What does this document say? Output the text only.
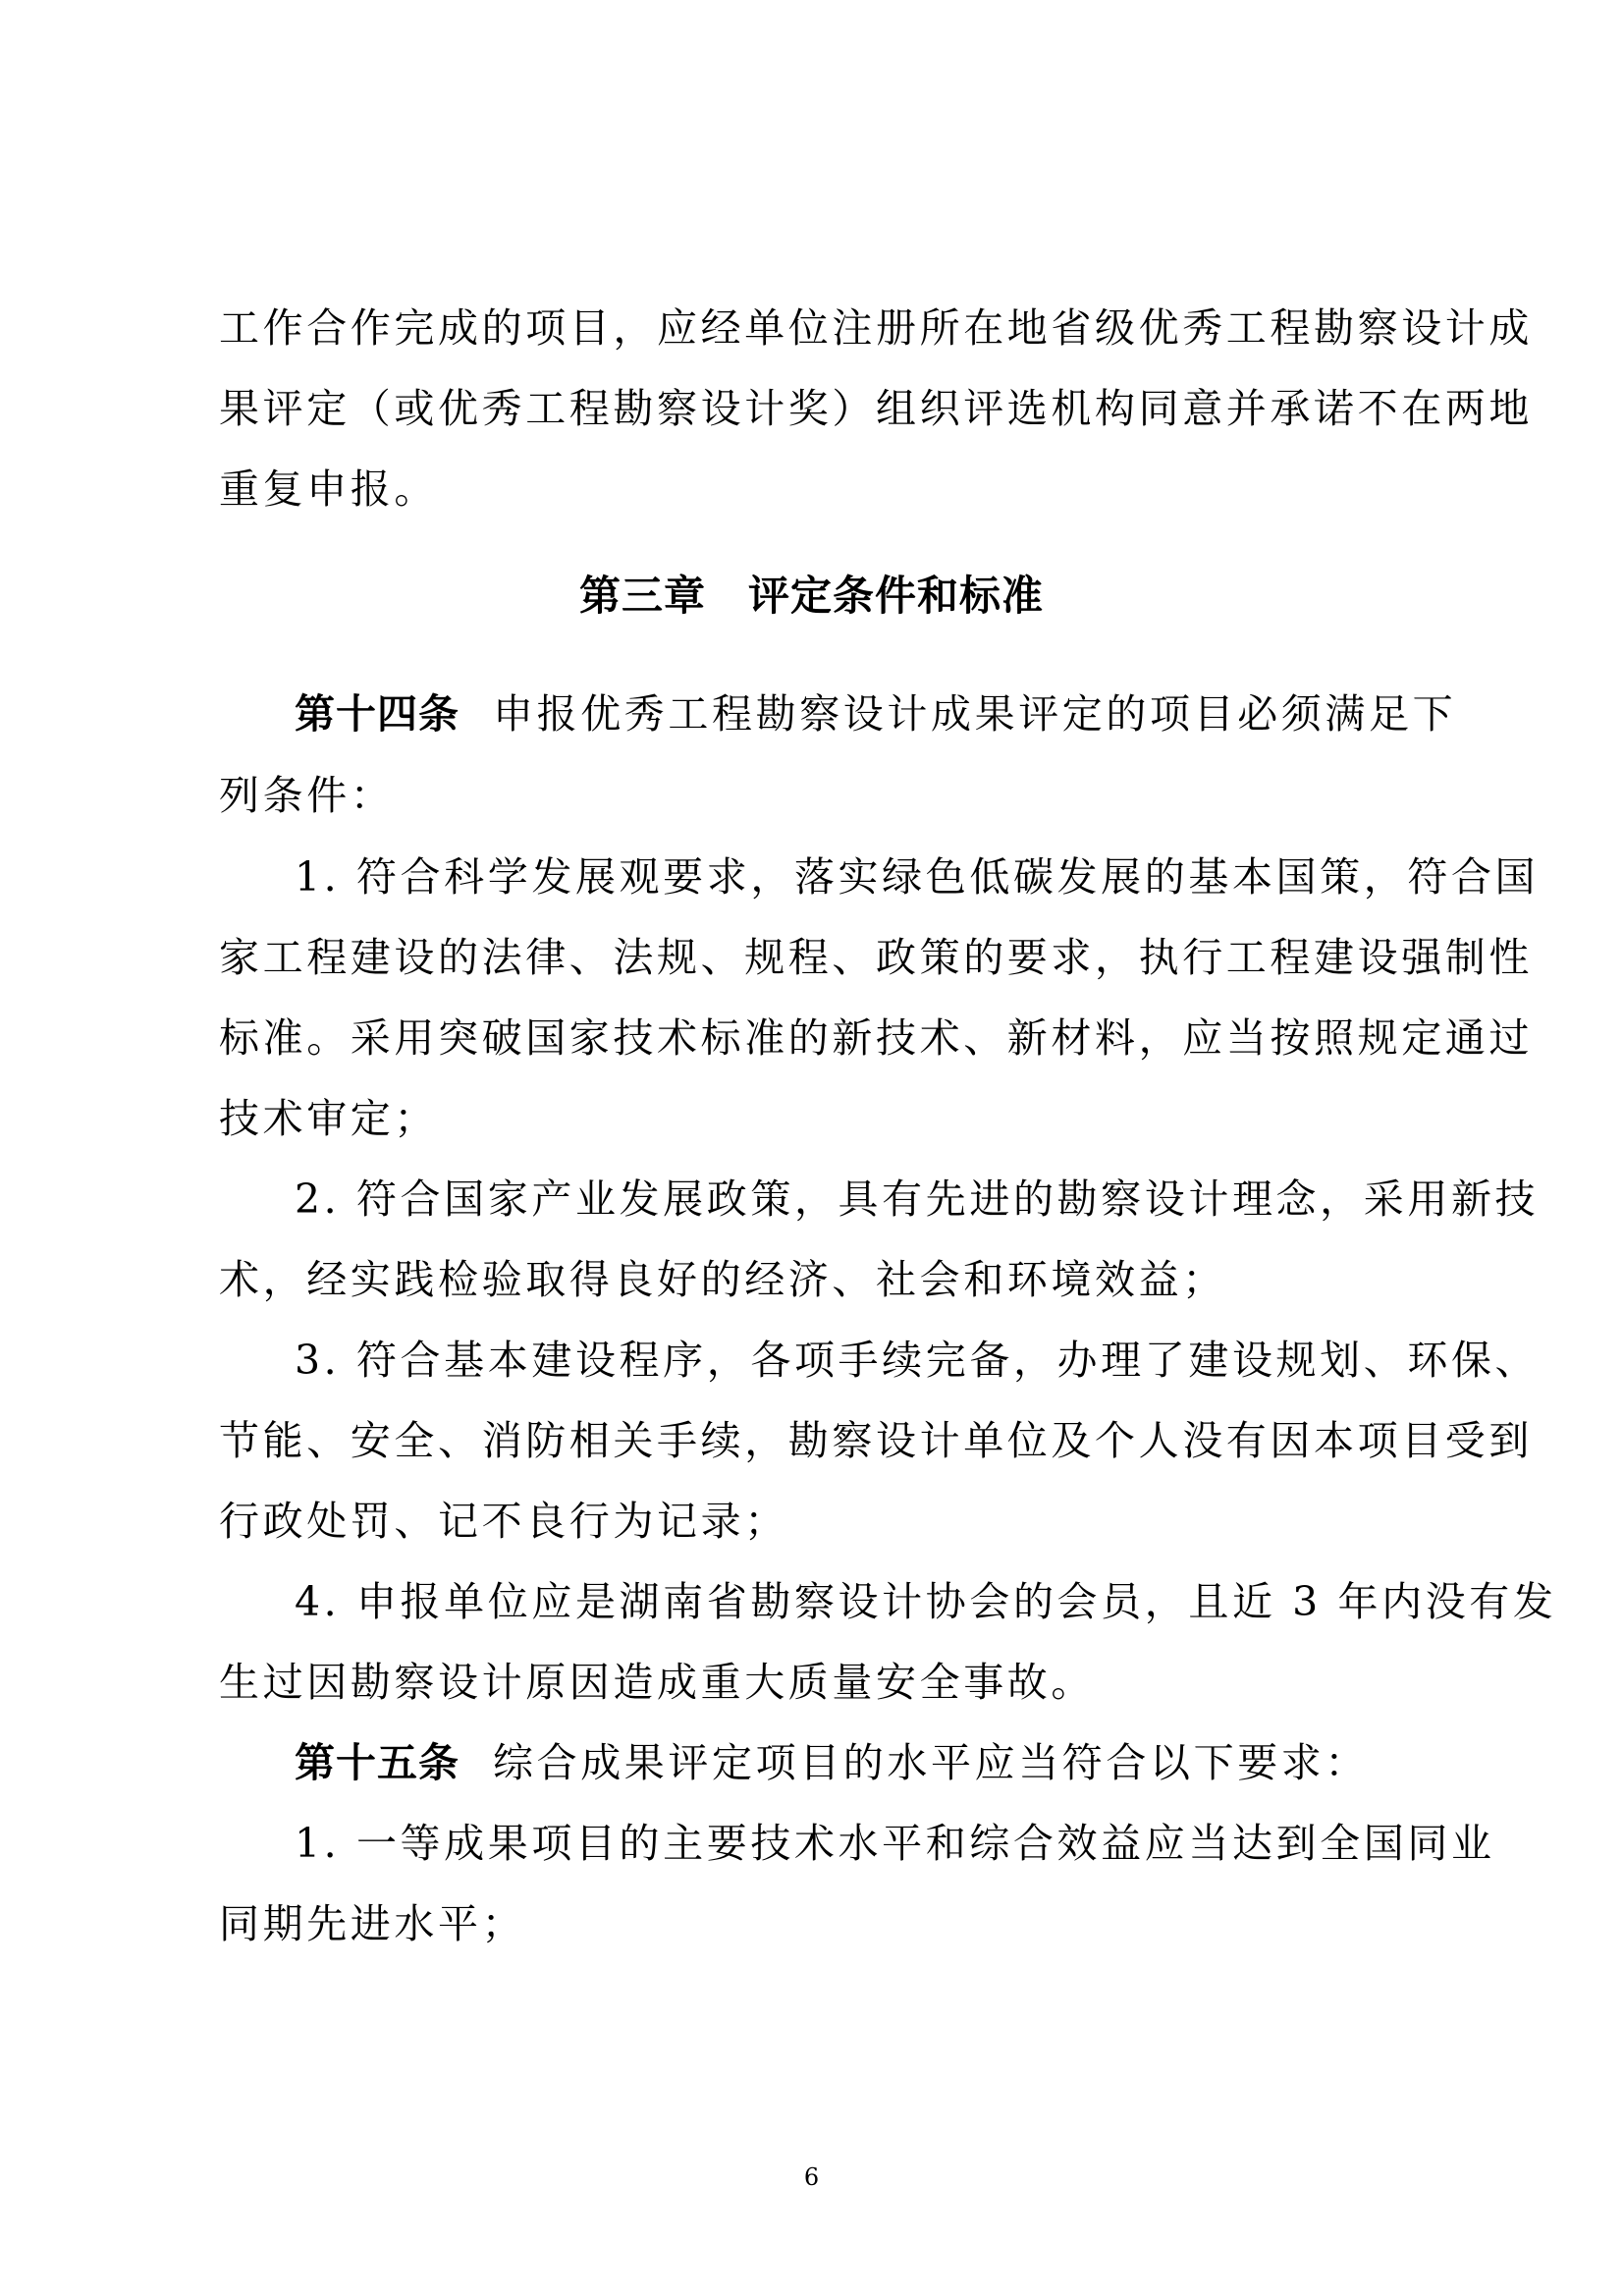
工作合作完成的项目，应经单位注册所在地省级优秀工程勘察设计成
果评定（或优秀工程勘察设计奖）组织评选机构同意并承诺不在两地
重复申报。
第三章　评定条件和标准
第十四条 申报优秀工程勘察设计成果评定的项目必须满足下
列条件：
1. 符合科学发展观要求，落实绿色低碳发展的基本国策，符合国
家工程建设的法律、法规、规程、政策的要求，执行工程建设强制性
标准。采用突破国家技术标准的新技术、新材料，应当按照规定通过
技术审定；
2. 符合国家产业发展政策，具有先进的勘察设计理念，采用新技
术，经实践检验取得良好的经济、社会和环境效益；
3. 符合基本建设程序，各项手续完备，办理了建设规划、环保、
节能、安全、消防相关手续，勘察设计单位及个人没有因本项目受到
行政处罚、记不良行为记录；
4. 申报单位应是湖南省勘察设计协会的会员，且近 3 年内没有发
生过因勘察设计原因造成重大质量安全事故。
第十五条 综合成果评定项目的水平应当符合以下要求：
1. 一等成果项目的主要技术水平和综合效益应当达到全国同业
同期先进水平；
6
